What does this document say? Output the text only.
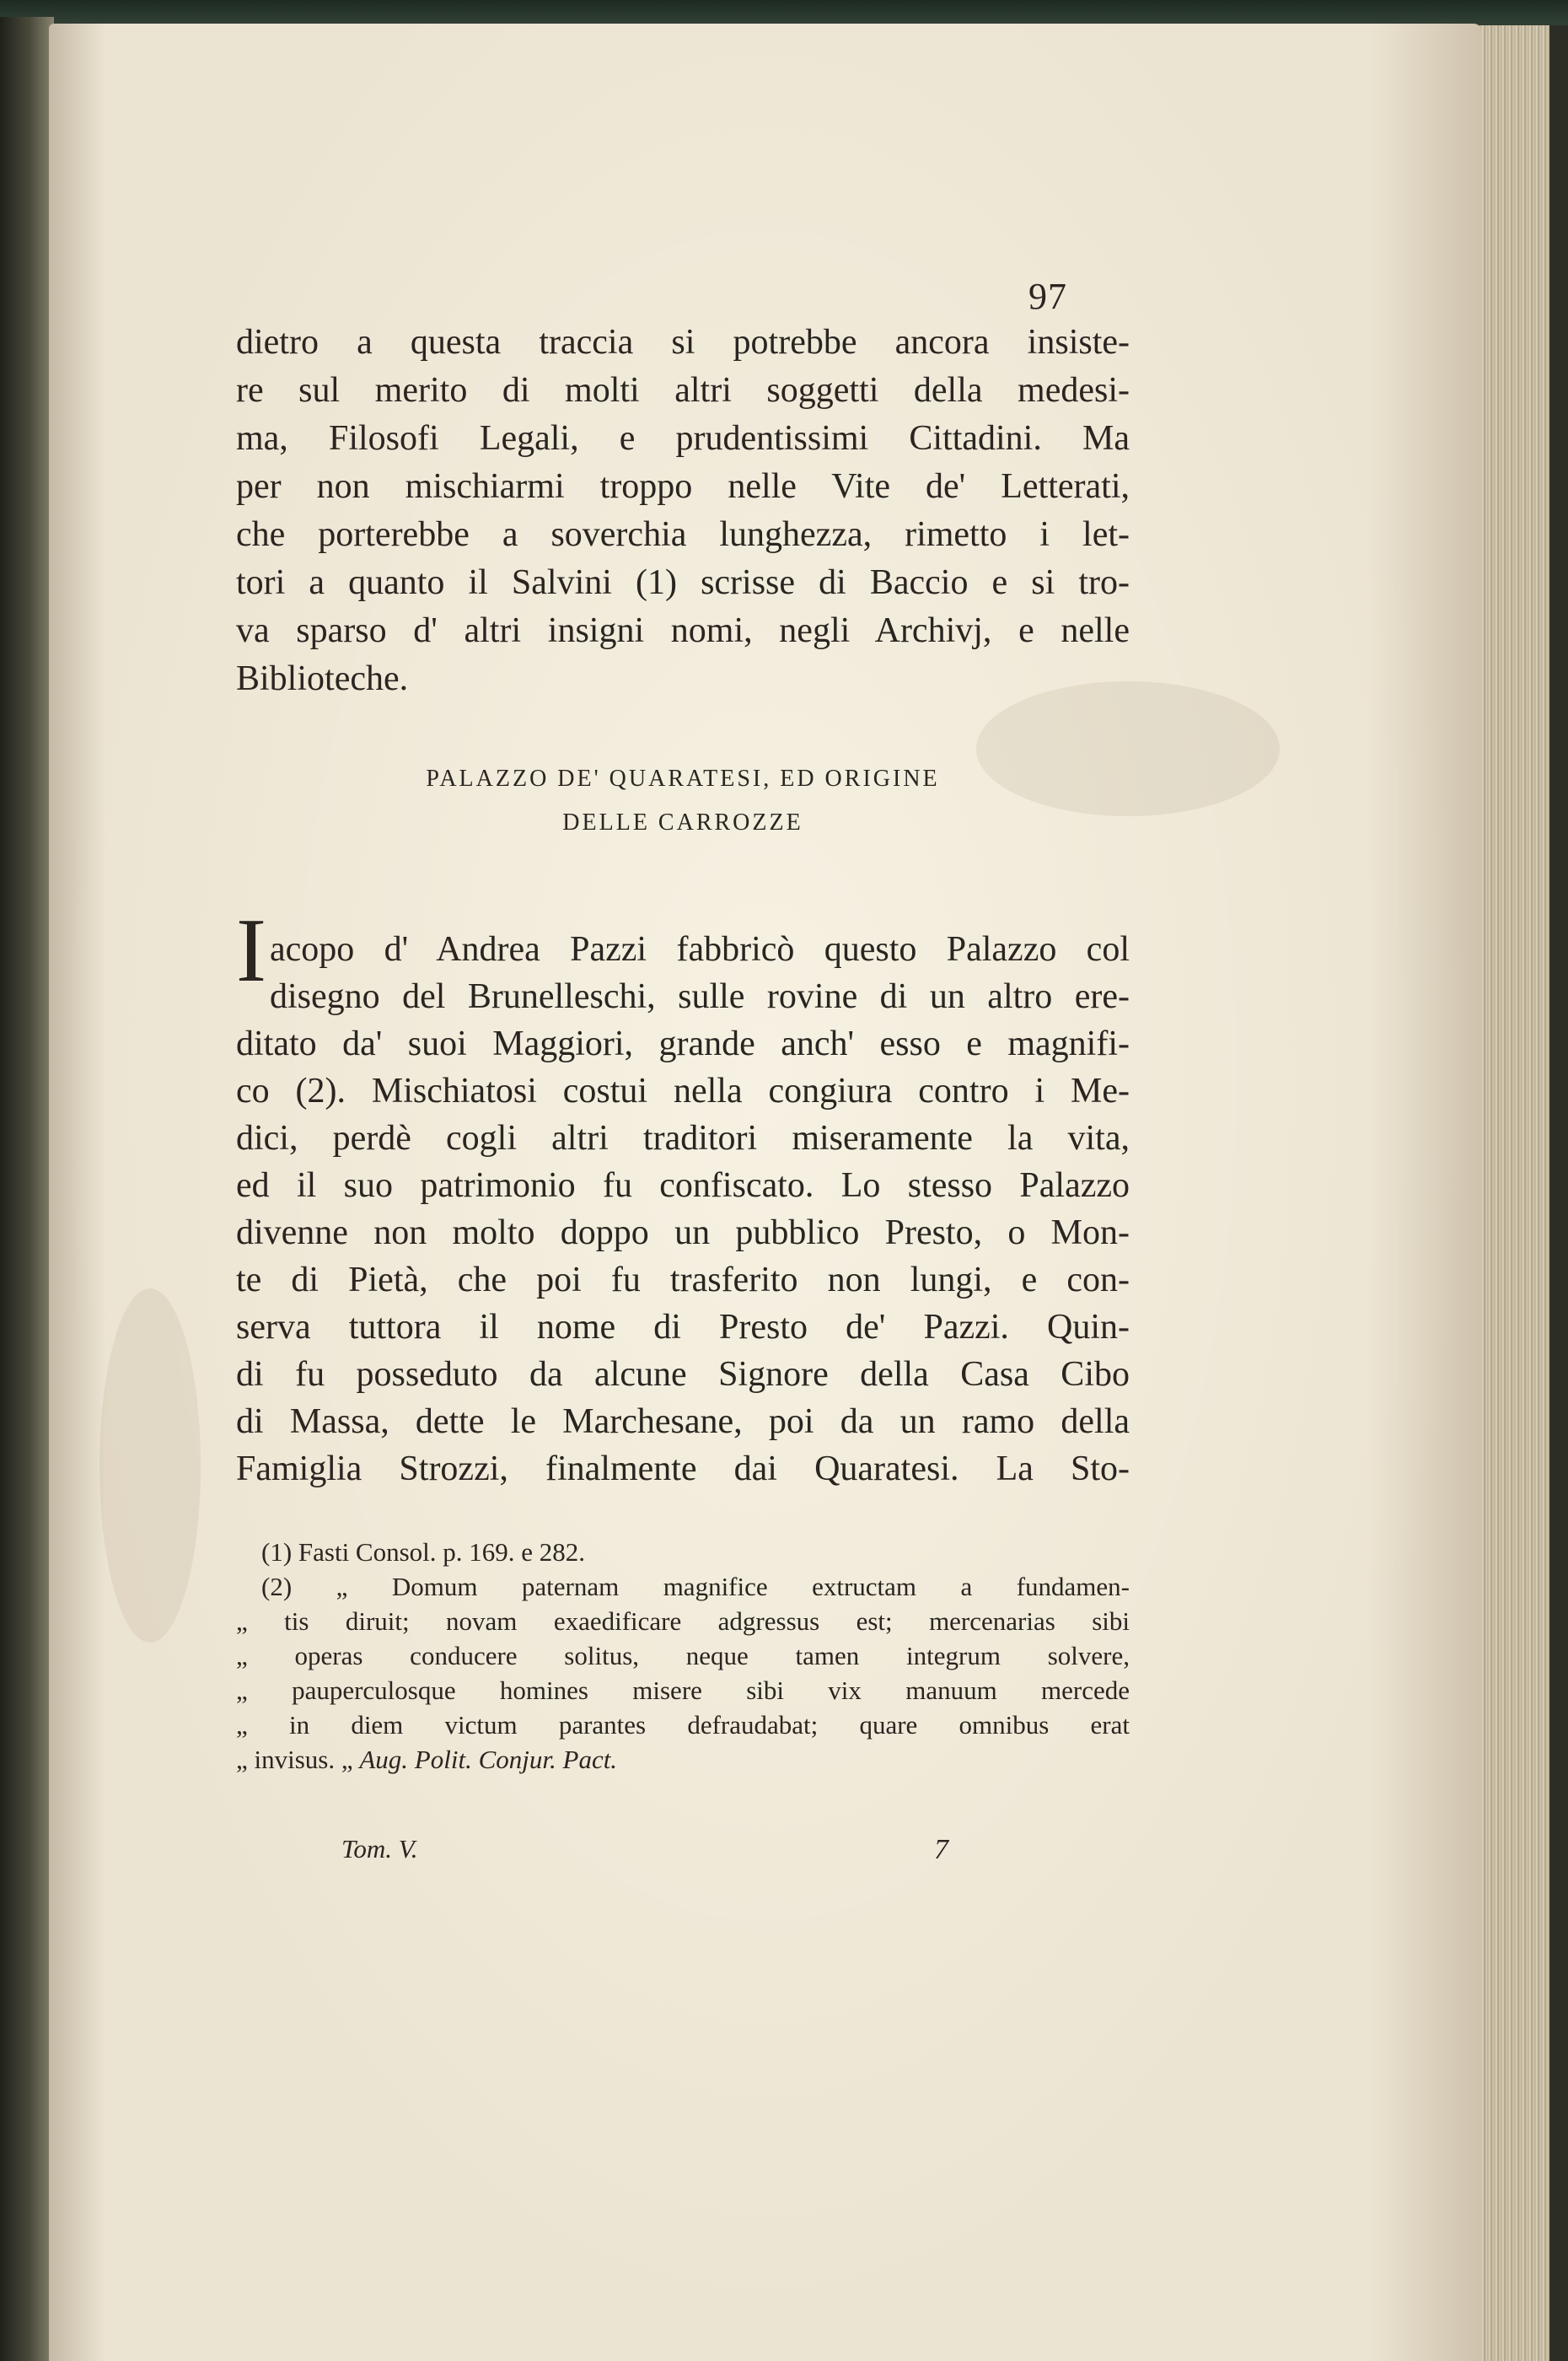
97
dietro a questa traccia si potrebbe ancora insiste-
re sul merito di molti altri soggetti della medesi-
ma, Filosofi Legali, e prudentissimi Cittadini. Ma
per non mischiarmi troppo nelle Vite de' Letterati,
che porterebbe a soverchia lunghezza, rimetto i let-
tori a quanto il Salvini (1) scrisse di Baccio e si tro-
va sparso d' altri insigni nomi, negli Archivj, e nelle
Biblioteche.
PALAZZO DE' QUARATESI, ED ORIGINE
DELLE CARROZZE
I acopo d' Andrea Pazzi fabbricò questo Palazzo col
disegno del Brunelleschi, sulle rovine di un altro ere-
ditato da' suoi Maggiori, grande anch' esso e magnifi-
co (2). Mischiatosi costui nella congiura contro i Me-
dici, perdè cogli altri traditori miseramente la vita,
ed il suo patrimonio fu confiscato. Lo stesso Palazzo
divenne non molto doppo un pubblico Presto, o Mon-
te di Pietà, che poi fu trasferito non lungi, e con-
serva tuttora il nome di Presto de' Pazzi. Quin-
di fu posseduto da alcune Signore della Casa Cibo
di Massa, dette le Marchesane, poi da un ramo della
Famiglia Strozzi, finalmente dai Quaratesi. La Sto-
(1) Fasti Consol. p. 169. e 282.
(2) „ Domum paternam magnifice extructam a fundamen-
„ tis diruit; novam exaedificare adgressus est; mercenarias sibi
„ operas conducere solitus, neque tamen integrum solvere,
„ pauperculosque homines misere sibi vix manuum mercede
„ in diem victum parantes defraudabat; quare omnibus erat
„ invisus. „ Aug. Polit. Conjur. Pact.
Tom. V.	7
